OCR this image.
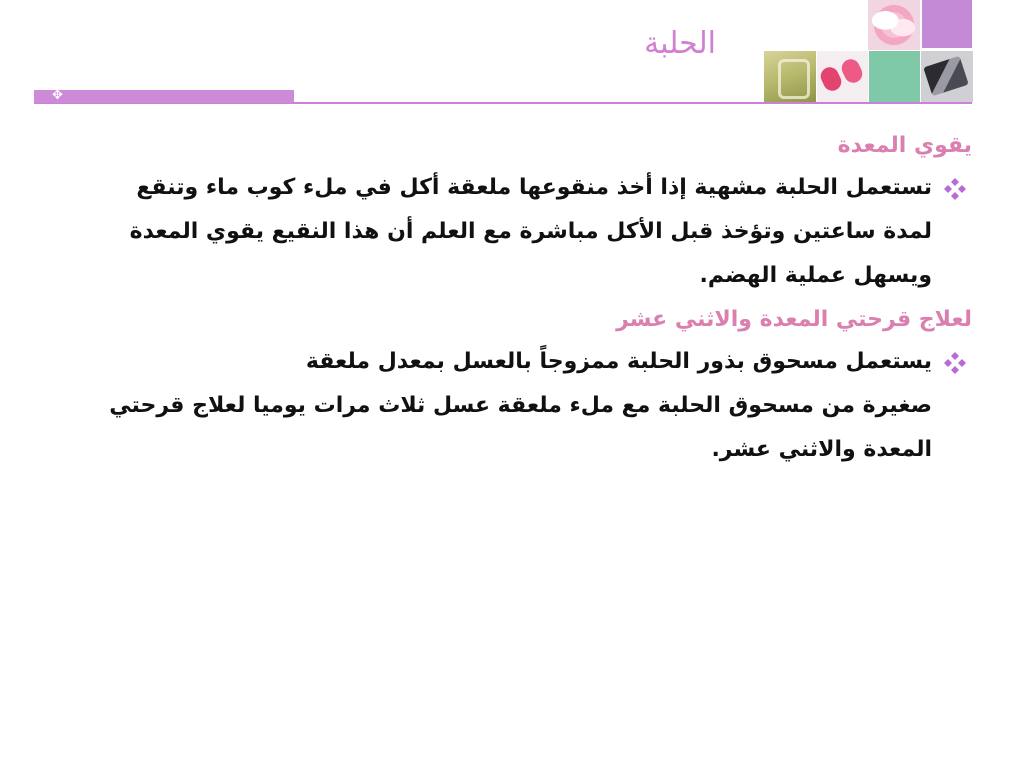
الحلبة
✥
يقوي المعدة
تستعمل الحلبة مشهية إذا أخذ منقوعها ملعقة أكل في ملء كوب ماء وتنقع لمدة ساعتين وتؤخذ قبل الأكل مباشرة مع العلم أن هذا النقيع يقوي المعدة ويسهل عملية الهضم.
لعلاج قرحتي المعدة والاثني عشر
يستعمل مسحوق بذور الحلبة ممزوجاً بالعسل بمعدل ملعقة
صغيرة من مسحوق الحلبة مع ملء ملعقة عسل ثلاث مرات يوميا لعلاج قرحتي المعدة والاثني عشر.
